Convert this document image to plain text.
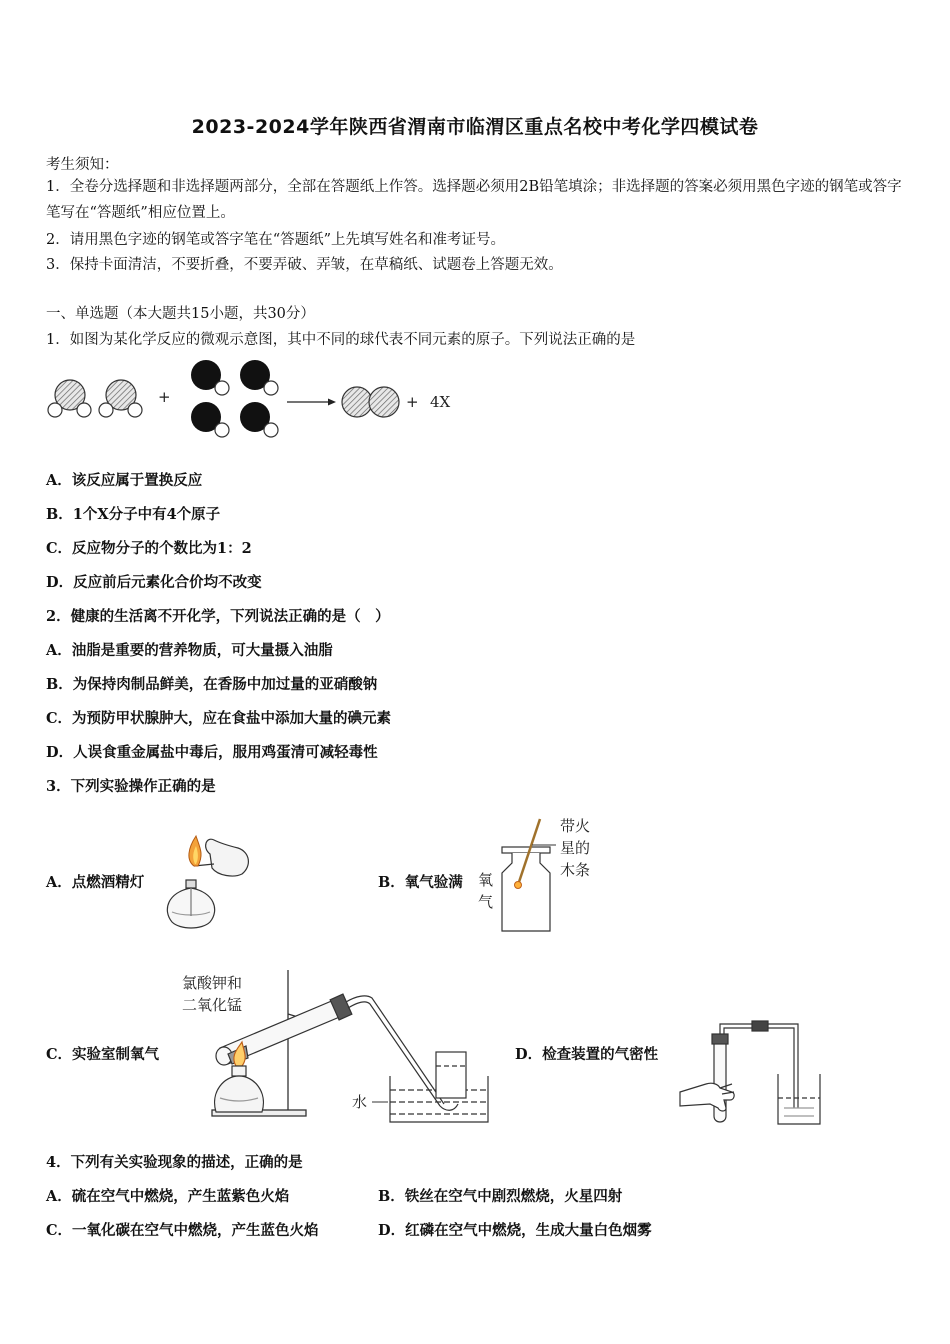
2023-2024学年陕西省渭南市临渭区重点名校中考化学四模试卷
考生须知：
1．全卷分选择题和非选择题两部分，全部在答题纸上作答。选择题必须用2B铅笔填涂；非选择题的答案必须用黑色字迹的钢笔或答字笔写在“答题纸”相应位置上。
2．请用黑色字迹的钢笔或答字笔在“答题纸”上先填写姓名和准考证号。
3．保持卡面清洁，不要折叠，不要弄破、弄皱，在草稿纸、试题卷上答题无效。
一、单选题（本大题共15小题，共30分）
1．如图为某化学反应的微观示意图，其中不同的球代表不同元素的原子。下列说法正确的是
+	+ 4X
A．该反应属于置换反应
B．1个X分子中有4个原子
C．反应物分子的个数比为1：2
D．反应前后元素化合价均不改变
2．健康的生活离不开化学，下列说法正确的是（　）
A．油脂是重要的营养物质，可大量摄入油脂
B．为保持肉制品鲜美，在香肠中加过量的亚硝酸钠
C．为预防甲状腺肿大，应在食盐中添加大量的碘元素
D．人误食重金属盐中毒后，服用鸡蛋清可减轻毒性
3．下列实验操作正确的是
A．点燃酒精灯	B．氧气验满
带火
星的
木条
氧
气
C．实验室制氧气
氯酸钾和
二氧化锰
水
D．检查装置的气密性
4．下列有关实验现象的描述，正确的是
A．硫在空气中燃烧，产生蓝紫色火焰	B．铁丝在空气中剧烈燃烧，火星四射
C．一氧化碳在空气中燃烧，产生蓝色火焰	D．红磷在空气中燃烧，生成大量白色烟雾
